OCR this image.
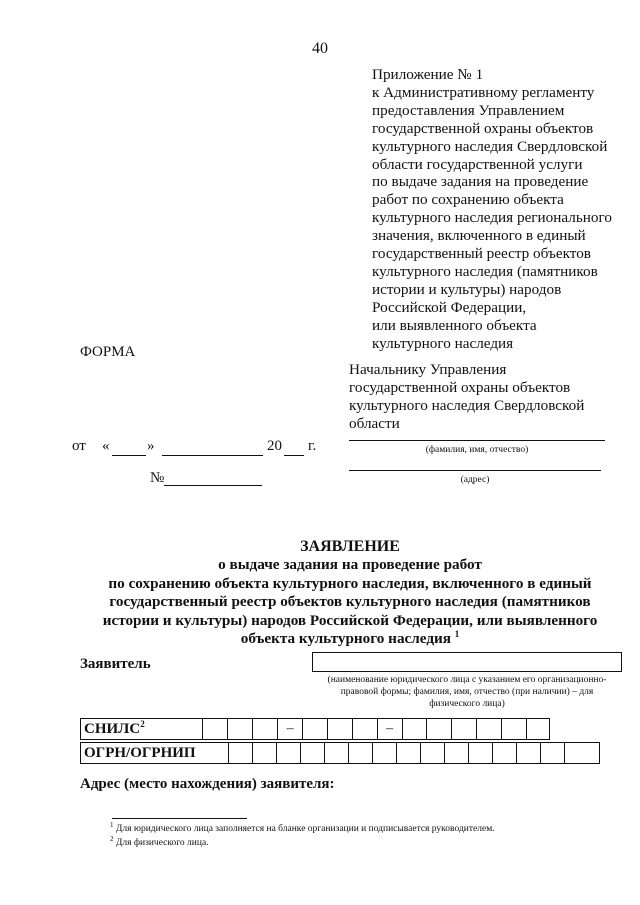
40
Приложение № 1
к Административному регламенту
предоставления Управлением
государственной охраны объектов
культурного наследия Свердловской
области государственной услуги
по выдаче задания на проведение
работ по сохранению объекта
культурного наследия регионального
значения, включенного в единый
государственный реестр объектов
культурного наследия (памятников
истории и культуры) народов
Российской Федерации,
или выявленного объекта
культурного наследия
ФОРМА
Начальнику Управления
государственной охраны объектов
культурного наследия Свердловской
области
(фамилия, имя, отчество)
(адрес)
от «	»	20 г.
№
ЗАЯВЛЕНИЕ
о выдаче задания на проведение работ
по сохранению объекта культурного наследия, включенного в единый
государственный реестр объектов культурного наследия (памятников
истории и культуры) народов Российской Федерации, или выявленного
объекта культурного наследия $^1$
Заявитель
(наименование юридического лица с указанием его организационно-
правовой формы; фамилия, имя, отчество (при наличии) – для
физического лица)
СНИЛС$^2$	–	–
ОГРН/ОГРНИП
Адрес (место нахождения) заявителя:
$^1$ Для юридического лица заполняется на бланке организации и подписывается руководителем.
$^2$ Для физического лица.
